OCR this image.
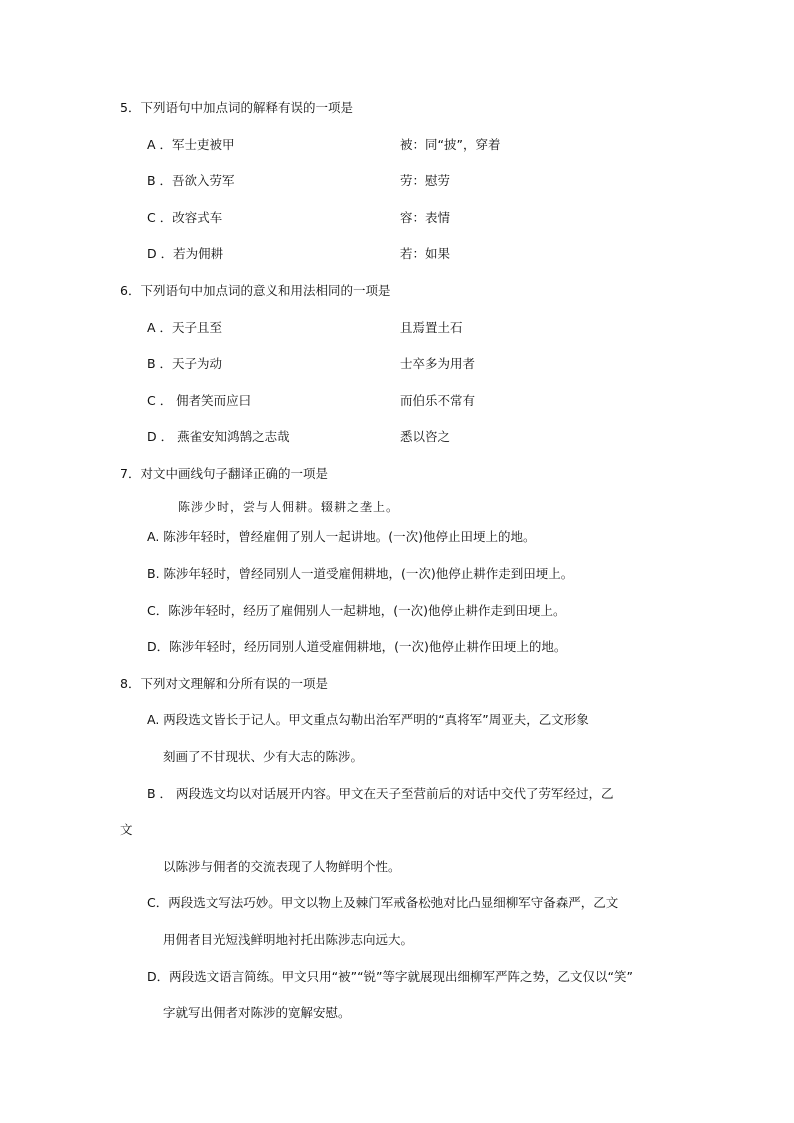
5．下列语句中加点词的解释有误的一项是
A ．军士吏被甲	被：同“披”，穿着
B ．吾欲入劳军	劳：慰劳
C ．改容式车	容：表情
D ．若为佣耕	若：如果
6．下列语句中加点词的意义和用法相同的一项是
A ．天子且至	且焉置土石
B ．天子为动	士卒多为用者
C ． 佣者笑而应曰	而伯乐不常有
D ． 燕雀安知鸿鹄之志哉	悉以咨之
7．对文中画线句子翻译正确的一项是
陈涉少时，尝与人佣耕。辍耕之垄上。
A. 陈涉年轻时，曾经雇佣了别人一起讲地。(一次)他停止田埂上的地。
B. 陈涉年轻时，曾经同别人一道受雇佣耕地，(一次)他停止耕作走到田埂上。
C．陈涉年轻时，经历了雇佣别人一起耕地，(一次)他停止耕作走到田埂上。
D．陈涉年轻时，经历同别人道受雇佣耕地，(一次)他停止耕作田埂上的地。
8．下列对文理解和分所有误的一项是
A. 两段选文皆长于记人。甲文重点勾勒出治军严明的“真将军”周亚夫，乙文形象
刻画了不甘现状、少有大志的陈涉。
B ． 两段选文均以对话展开内容。甲文在天子至营前后的对话中交代了劳军经过，乙
文
以陈涉与佣者的交流表现了人物鲜明个性。
C．两段选文写法巧妙。甲文以物上及棘门军戒备松弛对比凸显细柳军守备森严，乙文
用佣者目光短浅鲜明地衬托出陈涉志向远大。
D．两段选文语言简练。甲文只用“被”“锐”等字就展现出细柳军严阵之势，乙文仅以“笑”
字就写出佣者对陈涉的宽解安慰。
